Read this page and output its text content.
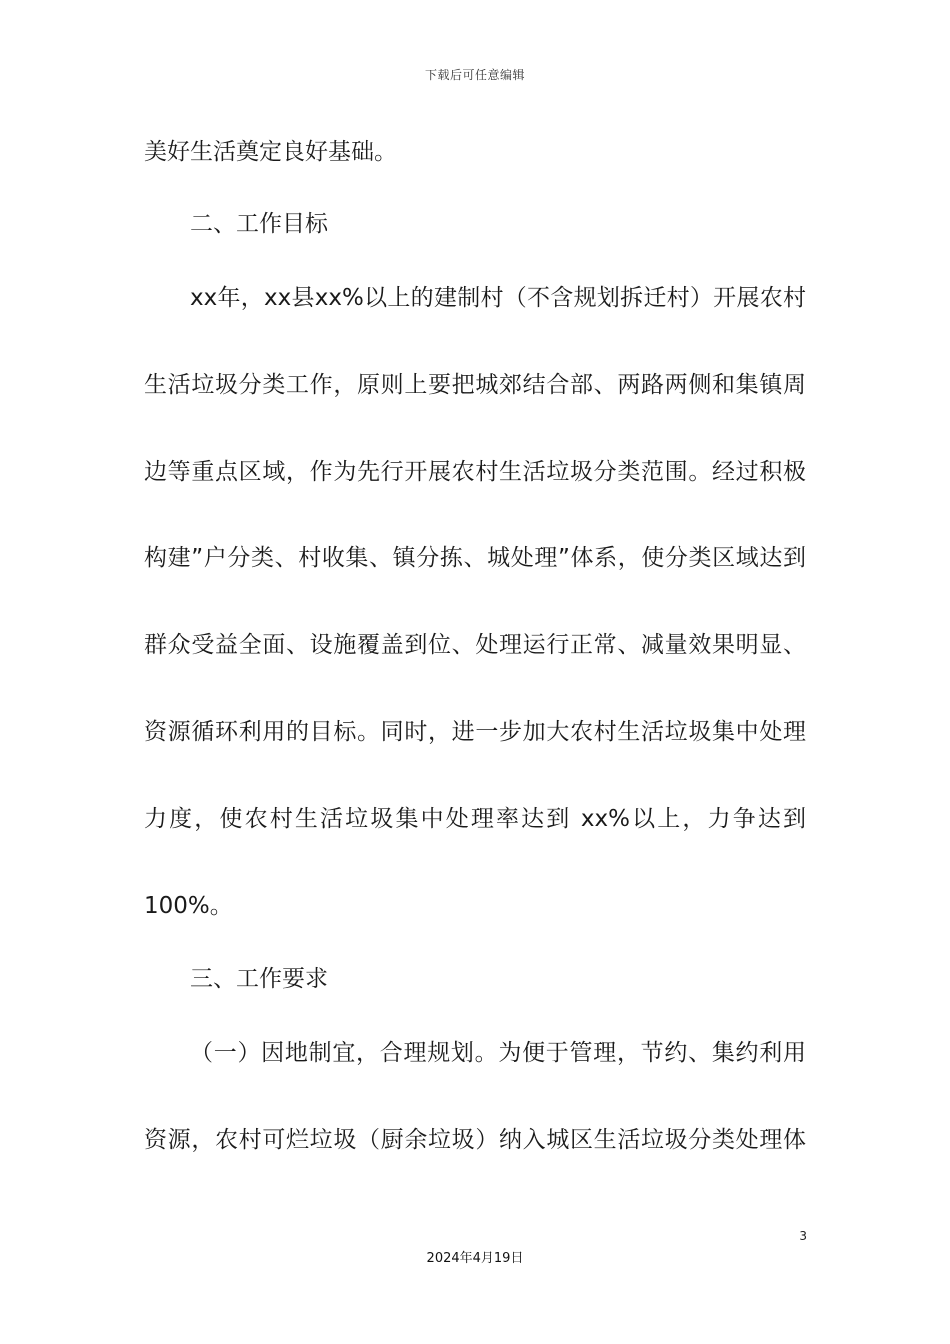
下载后可任意编辑
美好生活奠定良好基础。
二、工作目标
xx年，xx县xx%以上的建制村（不含规划拆迁村）开展农村
生活垃圾分类工作，原则上要把城郊结合部、两路两侧和集镇周
边等重点区域，作为先行开展农村生活垃圾分类范围。经过积极
构建”户分类、村收集、镇分拣、城处理”体系，使分类区域达到
群众受益全面、设施覆盖到位、处理运行正常、减量效果明显、
资源循环利用的目标。同时，进一步加大农村生活垃圾集中处理
力度，使农村生活垃圾集中处理率达到 xx%以上，力争达到
100%。
三、工作要求
（一）因地制宜，合理规划。为便于管理，节约、集约利用
资源，农村可烂垃圾（厨余垃圾）纳入城区生活垃圾分类处理体
3
2024年4月19日
